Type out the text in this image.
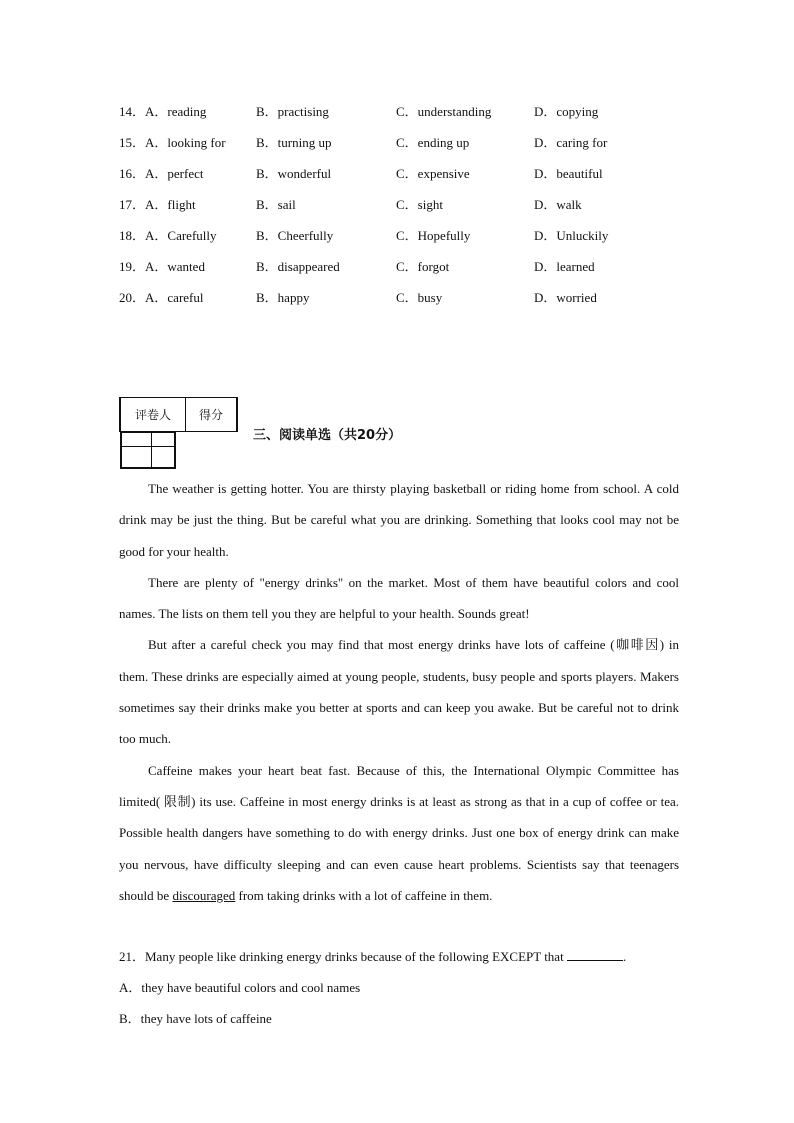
14．A．reading	B．practising	C．understanding	D．copying
15．A．looking for B．turning up	C．ending up	D．caring for
16．A．perfect	B．wonderful	C．expensive	D．beautiful
17．A．flight	B．sail	C．sight	D．walk
18．A．Carefully	B．Cheerfully	C．Hopefully	D．Unluckily
19．A．wanted	B．disappeared	C．forgot	D．learned
20．A．careful	B．happy	C．busy	D．worried
评卷人	得分

三、阅读单选（共20分）

The weather is getting hotter. You are thirsty playing basketball or riding home from school. A cold drink may be just the thing. But be careful what you are drinking. Something that looks cool may not be good for your health.

There are plenty of "energy drinks" on the market. Most of them have beautiful colors and cool names. The lists on them tell you they are helpful to your health. Sounds great!

But after a careful check you may find that most energy drinks have lots of caffeine (咖啡因) in them. These drinks are especially aimed at young people, students, busy people and sports players. Makers sometimes say their drinks make you better at sports and can keep you awake. But be careful not to drink too much.

Caffeine makes your heart beat fast. Because of this, the International Olympic Committee has limited( 限制) its use. Caffeine in most energy drinks is at least as strong as that in a cup of coffee or tea. Possible health dangers have something to do with energy drinks. Just one box of energy drink can make you nervous, have difficulty sleeping and can even cause heart problems. Scientists say that teenagers should be discouraged from taking drinks with a lot of caffeine in them.

21．Many people like drinking energy drinks because of the following EXCEPT that	.
A．they have beautiful colors and cool names
B．they have lots of caffeine
